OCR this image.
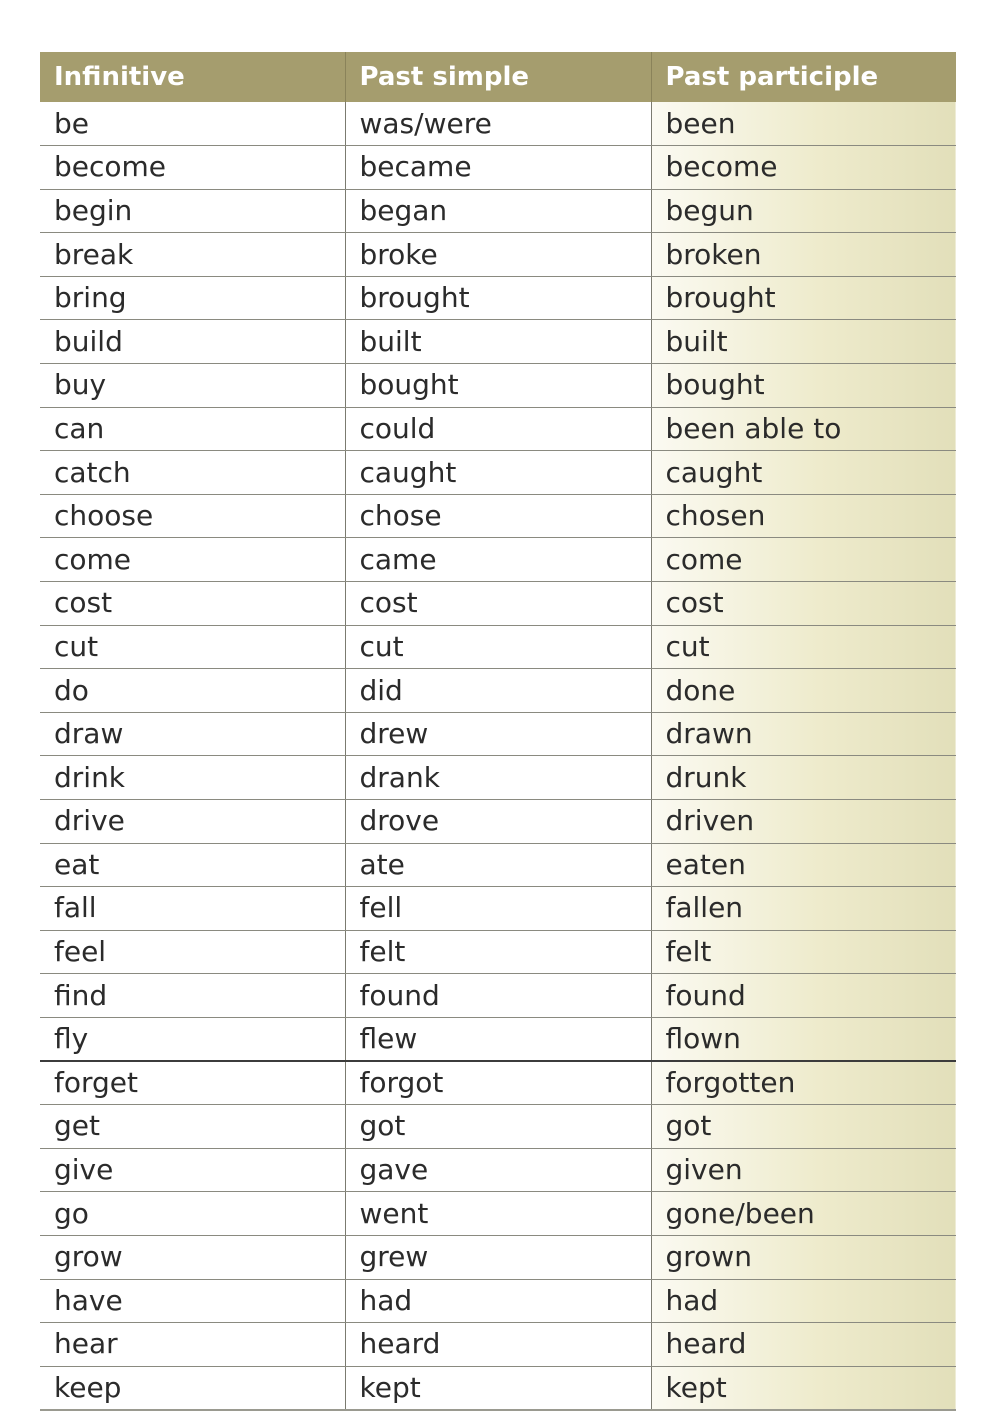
Infinitive	Past simple	Past participle
be	was/were	been
become	became	become
begin	began	begun
break	broke	broken
bring	brought	brought
build	built	built
buy	bought	bought
can	could	been able to
catch	caught	caught
choose	chose	chosen
come	came	come
cost	cost	cost
cut	cut	cut
do	did	done
draw	drew	drawn
drink	drank	drunk
drive	drove	driven
eat	ate	eaten
fall	fell	fallen
feel	felt	felt
find	found	found
fly	flew	flown
forget	forgot	forgotten
get	got	got
give	gave	given
go	went	gone/been
grow	grew	grown
have	had	had
hear	heard	heard
keep	kept	kept
